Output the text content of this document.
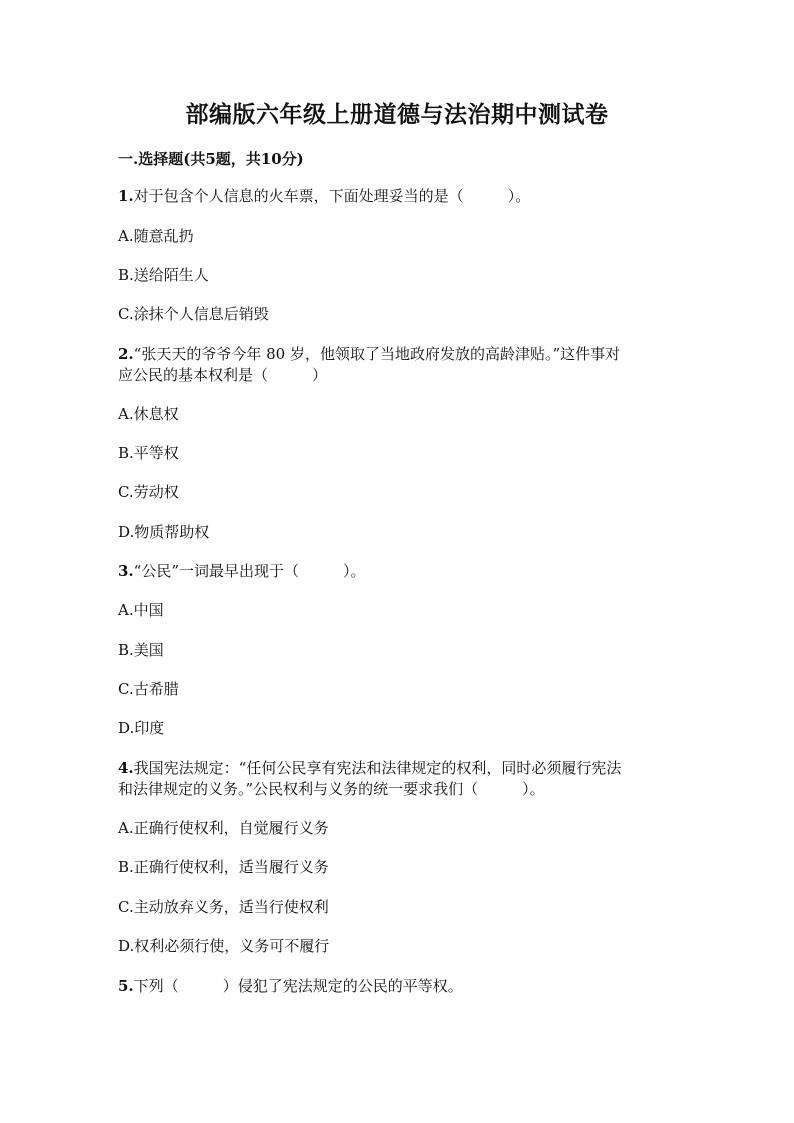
部编版六年级上册道德与法治期中测试卷
一.选择题(共5题，共10分)
1.对于包含个人信息的火车票，下面处理妥当的是（	）。
A.随意乱扔
B.送给陌生人
C.涂抹个人信息后销毁
2.“张天天的爷爷今年 80 岁，他领取了当地政府发放的高龄津贴。”这件事对
应公民的基本权利是（	）
A.休息权
B.平等权
C.劳动权
D.物质帮助权
3.“公民”一词最早出现于（	）。
A.中国
B.美国
C.古希腊
D.印度
4.我国宪法规定：“任何公民享有宪法和法律规定的权利，同时必须履行宪法
和法律规定的义务。”公民权利与义务的统一要求我们（	）。
A.正确行使权利，自觉履行义务
B.正确行使权利，适当履行义务
C.主动放弃义务，适当行使权利
D.权利必须行使，义务可不履行
5.下列（	）侵犯了宪法规定的公民的平等权。
